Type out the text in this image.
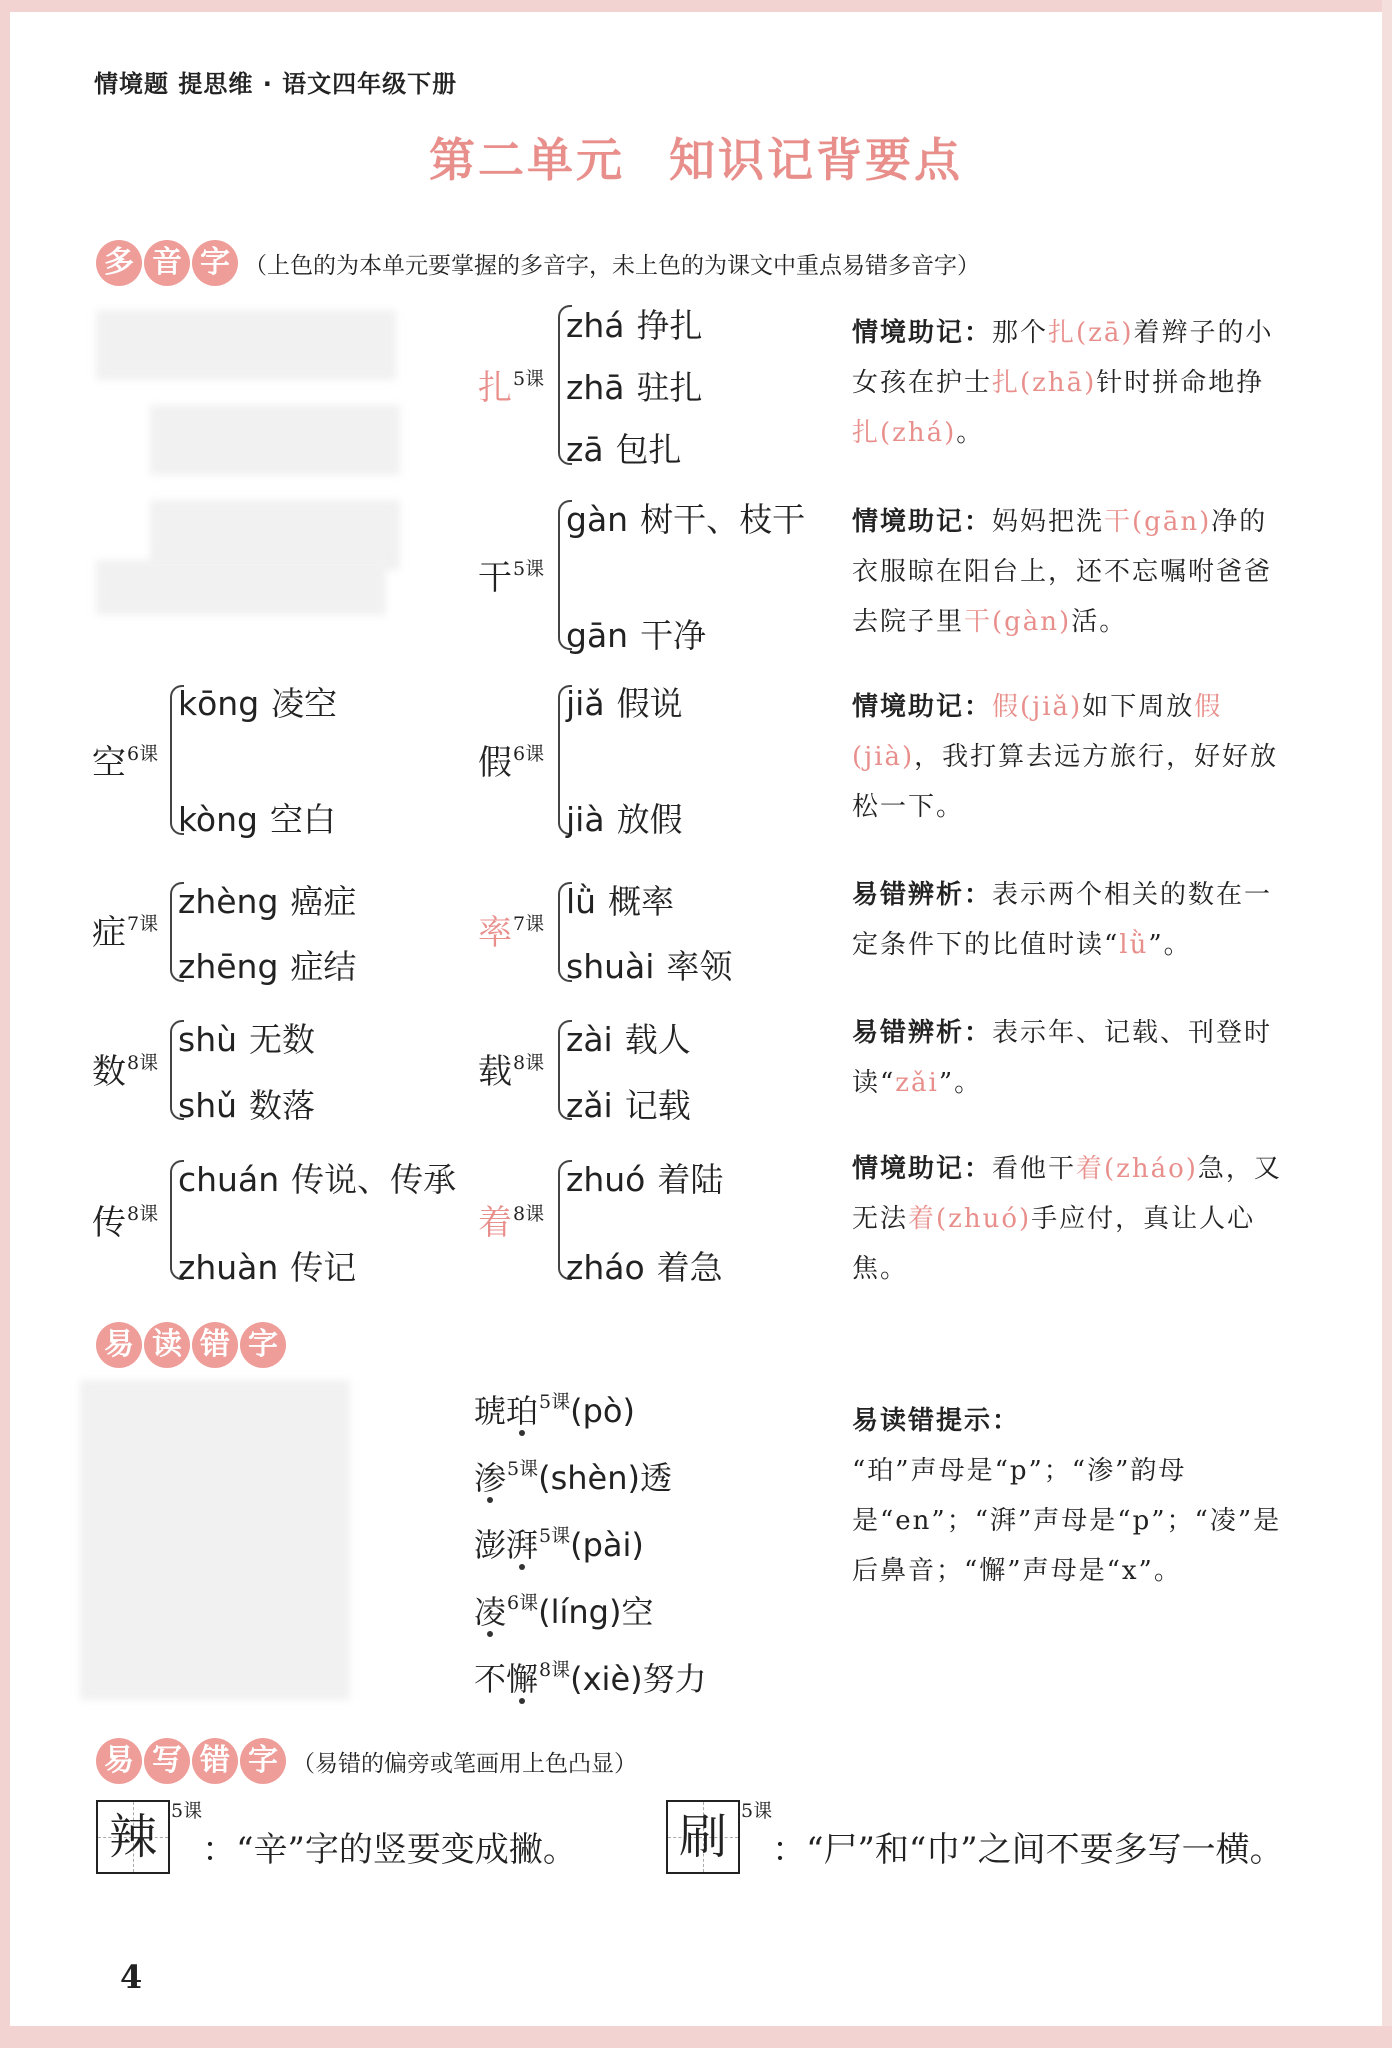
情境题 提思维 · 语文四年级下册
第二单元 知识记背要点
多 音 字 （上色的为本单元要掌握的多音字，未上色的为课文中重点易错多音字）
扎5课
zhá 挣扎
zhā 驻扎
zā 包扎
情境助记：那个扎(zā)着辫子的小女孩在护士扎(zhā)针时拼命地挣扎(zhá)。
干5课
gàn 树干、枝干
gān 干净
情境助记：妈妈把洗干(gān)净的衣服晾在阳台上，还不忘嘱咐爸爸去院子里干(gàn)活。
空6课
kōng 凌空
kòng 空白
假6课
jiǎ 假说
jià 放假
情境助记：假(jiǎ)如下周放假(jià)，我打算去远方旅行，好好放松一下。
症7课
zhèng 癌症
zhēng 症结
率7课
lǜ 概率
shuài 率领
易错辨析：表示两个相关的数在一定条件下的比值时读“lǜ”。
数8课
shù 无数
shǔ 数落
载8课
zài 载人
zǎi 记载
易错辨析：表示年、记载、刊登时读“zǎi”。
传8课
chuán 传说、传承
zhuàn 传记
着8课
zhuó 着陆
zháo 着急
情境助记：看他干着(zháo)急，又无法着(zhuó)手应付，真让人心焦。
易 读 错 字
琥珀$^{5课}$(pò)
渗$^{5课}$(shèn)透
澎湃$^{5课}$(pài)
凌$^{6课}$(líng)空
不懈$^{8课}$(xiè)努力
易读错提示：
“珀”声母是“p”；“渗”韵母是“en”；“湃”声母是“p”；“凌”是后鼻音；“懈”声母是“x”。
易 写 错 字 （易错的偏旁或笔画用上色凸显）
辣 5课
：“辛”字的竖要变成撇。 刷 5课
：“尸”和“巾”之间不要多写一横。
4
